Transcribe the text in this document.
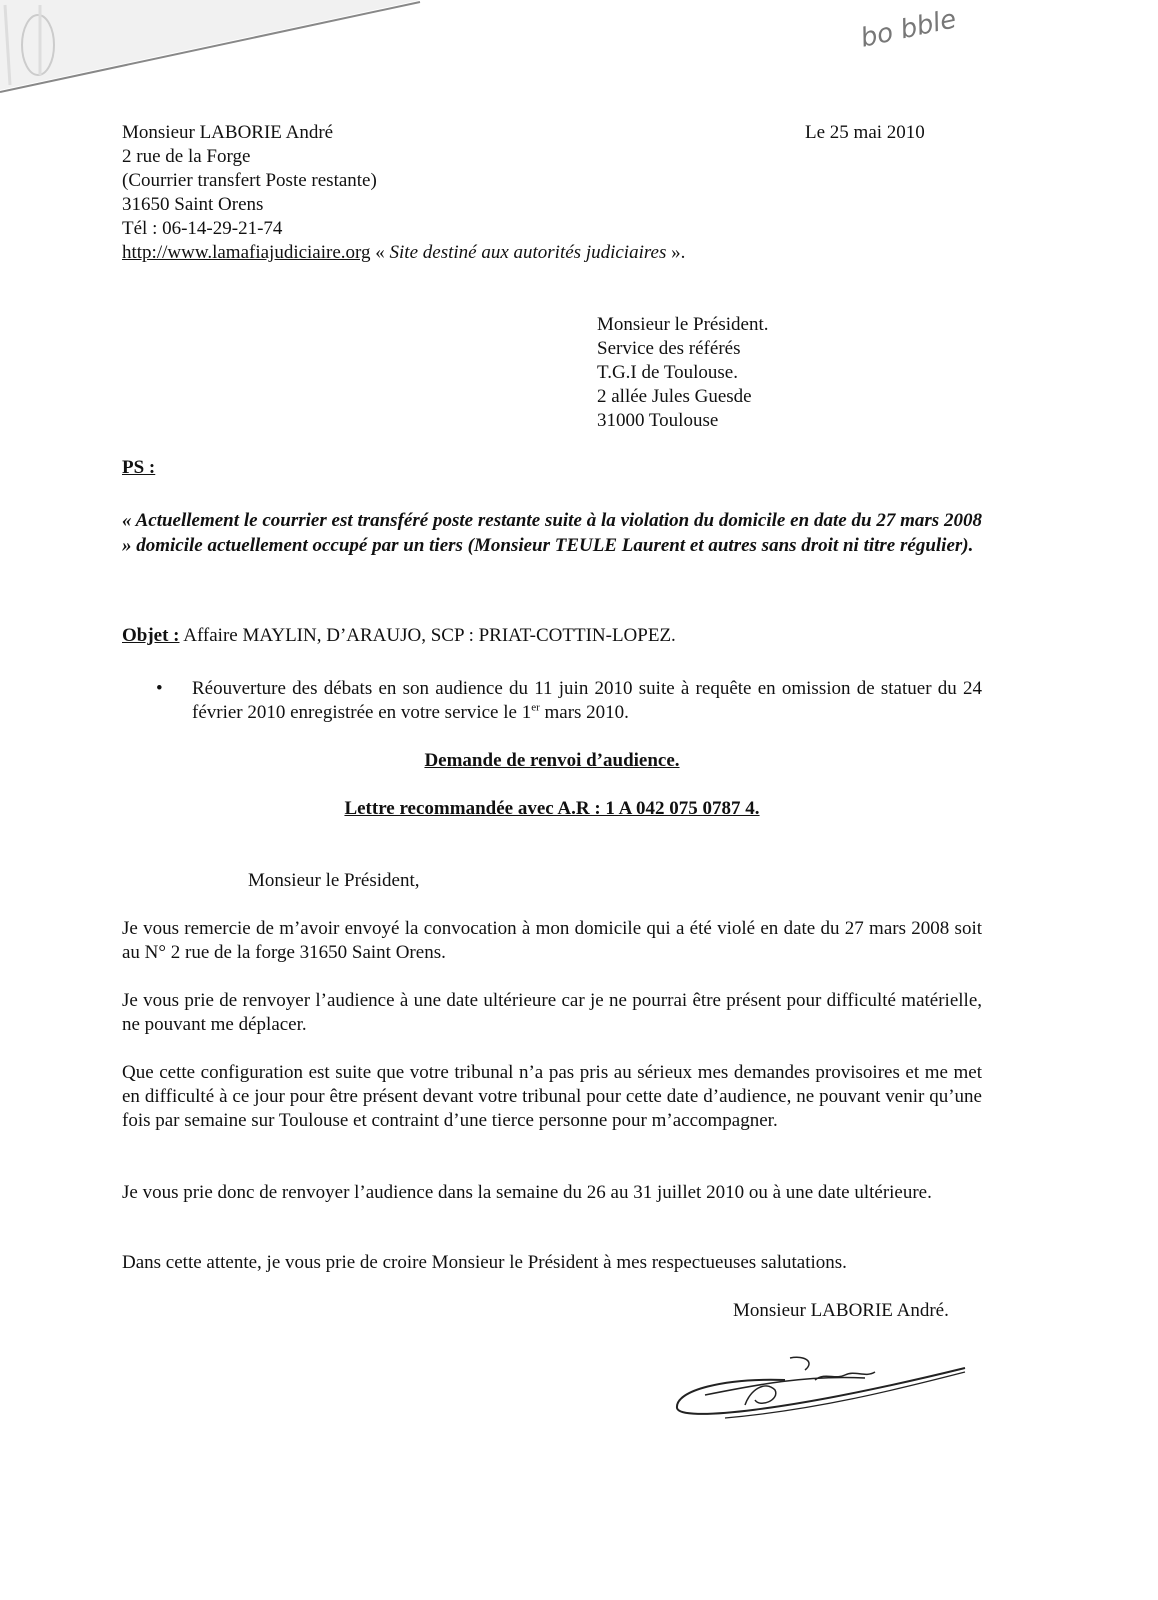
bo bble
Monsieur LABORIE André
2 rue de la Forge
(Courrier transfert Poste restante)
31650 Saint Orens
Tél : 06-14-29-21-74
http://www.lamafiajudiciaire.org « Site destiné aux autorités judiciaires ».
Le 25 mai 2010
Monsieur le Président.
Service des référés
T.G.I de Toulouse.
2 allée Jules Guesde
31000 Toulouse
PS :
« Actuellement le courrier est transféré poste restante suite à la violation du domicile en date du 27 mars 2008 » domicile actuellement occupé par un tiers (Monsieur TEULE Laurent et autres sans droit ni titre régulier).
Objet : Affaire MAYLIN, D’ARAUJO, SCP : PRIAT-COTTIN-LOPEZ.
• Réouverture des débats en son audience du 11 juin 2010 suite à requête en omission de statuer du 24 février 2010 enregistrée en votre service le 1er mars 2010.
Demande de renvoi d’audience.
Lettre recommandée avec A.R : 1 A 042 075 0787 4.
Monsieur le Président,
Je vous remercie de m’avoir envoyé la convocation à mon domicile qui a été violé en date du 27 mars 2008 soit au N° 2 rue de la forge 31650 Saint Orens.
Je vous prie de renvoyer l’audience à une date ultérieure car je ne pourrai être présent pour difficulté matérielle, ne pouvant me déplacer.
Que cette configuration est suite que votre tribunal n’a pas pris au sérieux mes demandes provisoires et me met en difficulté à ce jour pour être présent devant votre tribunal pour cette date d’audience, ne pouvant venir qu’une fois par semaine sur Toulouse et contraint d’une tierce personne pour m’accompagner.
Je vous prie donc de renvoyer l’audience dans la semaine du 26 au 31 juillet 2010 ou à une date ultérieure.
Dans cette attente, je vous prie de croire Monsieur le Président à mes respectueuses salutations.
Monsieur LABORIE André.
